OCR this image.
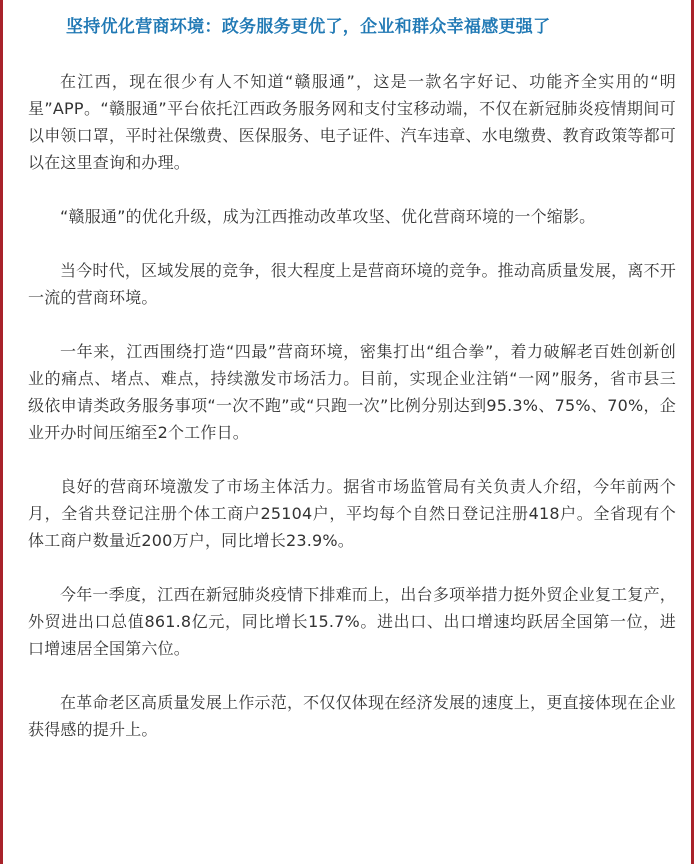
坚持优化营商环境：政务服务更优了，企业和群众幸福感更强了

在江西，现在很少有人不知道“赣服通”，这是一款名字好记、功能齐全实用的“明星”APP。“赣服通”平台依托江西政务服务网和支付宝移动端，不仅在新冠肺炎疫情期间可以申领口罩，平时社保缴费、医保服务、电子证件、汽车违章、水电缴费、教育政策等都可以在这里查询和办理。

“赣服通”的优化升级，成为江西推动改革攻坚、优化营商环境的一个缩影。

当今时代，区域发展的竞争，很大程度上是营商环境的竞争。推动高质量发展，离不开一流的营商环境。

一年来，江西围绕打造“四最”营商环境，密集打出“组合拳”，着力破解老百姓创新创业的痛点、堵点、难点，持续激发市场活力。目前，实现企业注销“一网”服务，省市县三级依申请类政务服务事项“一次不跑”或“只跑一次”比例分别达到95.3%、75%、70%，企业开办时间压缩至2个工作日。

良好的营商环境激发了市场主体活力。据省市场监管局有关负责人介绍，今年前两个月，全省共登记注册个体工商户25104户，平均每个自然日登记注册418户。全省现有个体工商户数量近200万户，同比增长23.9%。

今年一季度，江西在新冠肺炎疫情下排难而上，出台多项举措力挺外贸企业复工复产，外贸进出口总值861.8亿元，同比增长15.7%。进出口、出口增速均跃居全国第一位，进口增速居全国第六位。

在革命老区高质量发展上作示范，不仅仅体现在经济发展的速度上，更直接体现在企业获得感的提升上。
